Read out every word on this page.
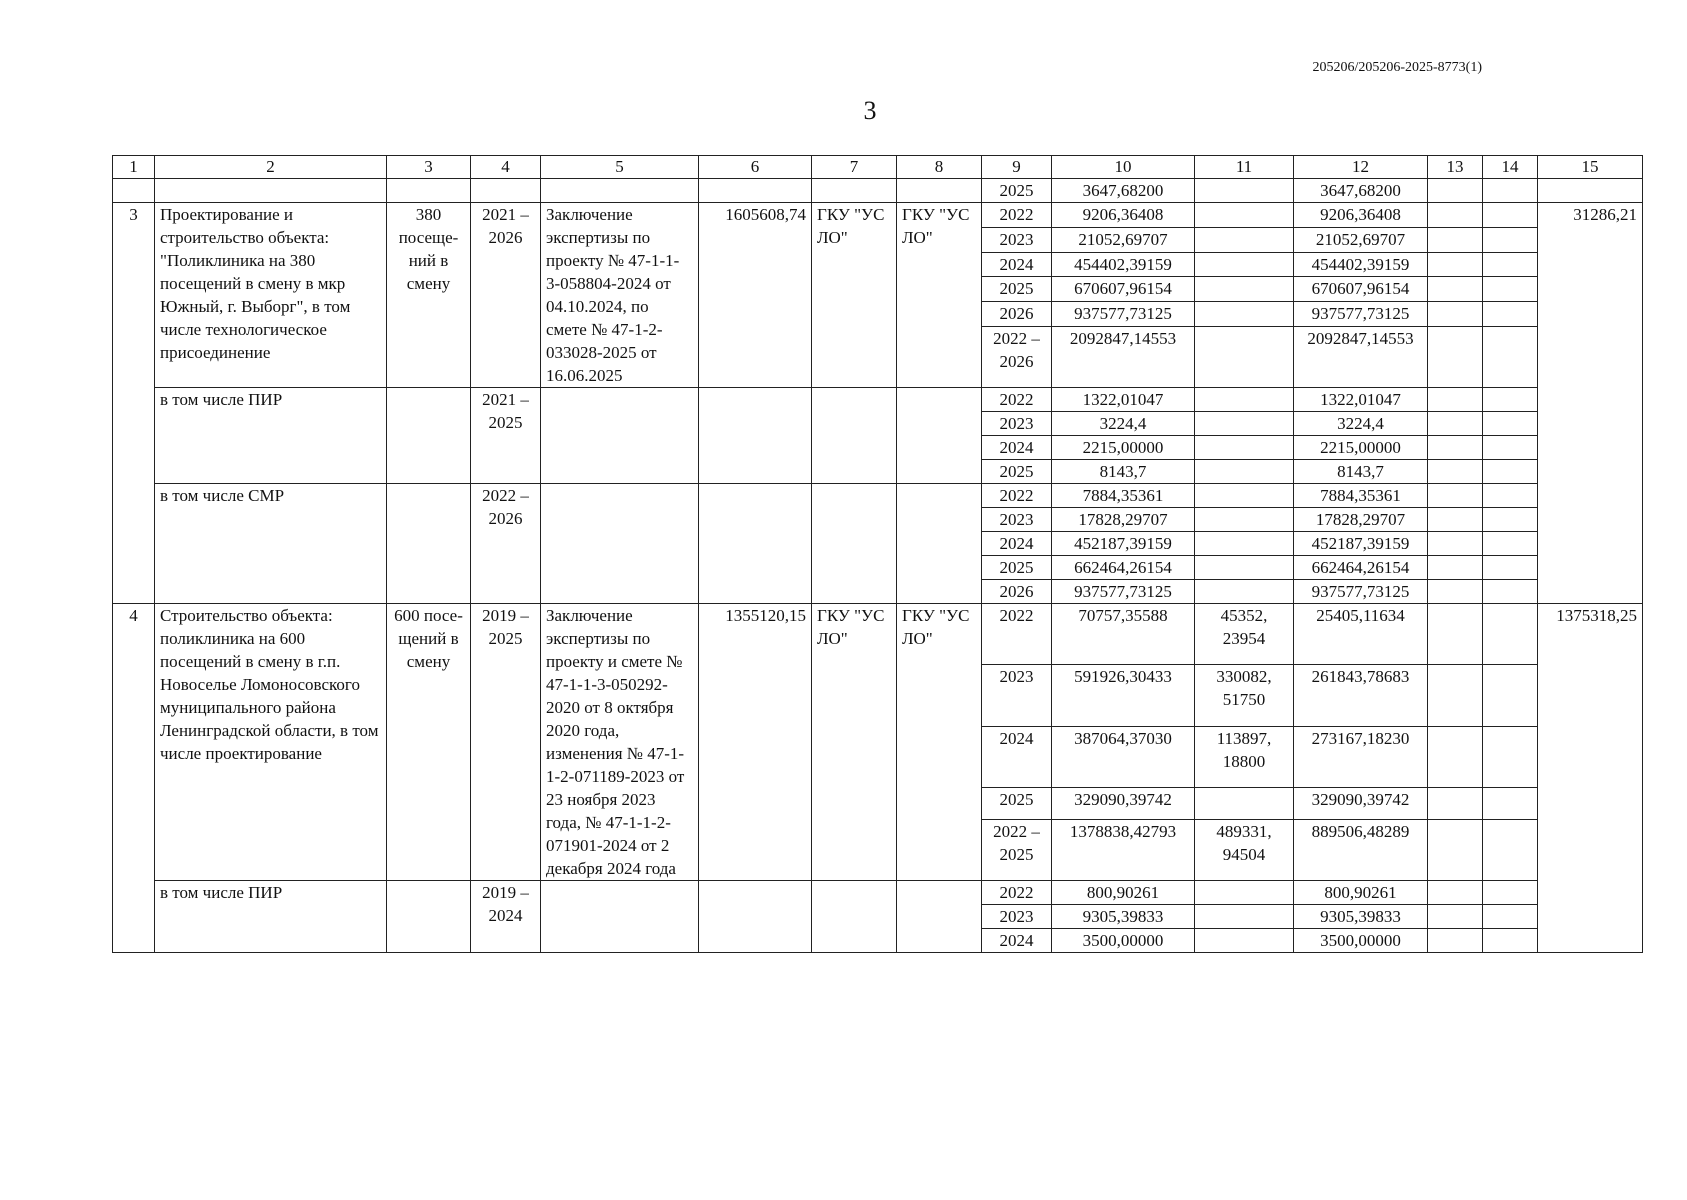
205206/205206-2025-8773(1)
3
1	2	3	4	5	6	7	8	9	10	11	12	13	14	15
								2025	3647,68200		3647,68200			
3	Проектирование и строительство объекта: "Поликлиника на 380 посещений в смену в мкр Южный, г. Выборг", в том числе технологическое присоединение	380 посеще- ний в смену	2021 – 2026	Заключение экспертизы по проекту № 47-1-1-3-058804-2024 от 04.10.2024, по смете № 47-1-2-033028-2025 от 16.06.2025	1605608,74	ГКУ "УС ЛО"	ГКУ "УС ЛО"	2022	9206,36408		9206,36408			31286,21
								2023	21052,69707		21052,69707			
								2024	454402,39159		454402,39159			
								2025	670607,96154		670607,96154			
								2026	937577,73125		937577,73125			
								2022 – 2026	2092847,14553		2092847,14553			
	в том числе ПИР		2021 – 2025					2022	1322,01047		1322,01047			
								2023	3224,4		3224,4			
								2024	2215,00000		2215,00000			
								2025	8143,7		8143,7			
	в том числе СМР		2022 – 2026					2022	7884,35361		7884,35361			
								2023	17828,29707		17828,29707			
								2024	452187,39159		452187,39159			
								2025	662464,26154		662464,26154			
								2026	937577,73125		937577,73125			
4	Строительство объекта: поликлиника на 600 посещений в смену в г.п. Новоселье Ломоносовского муниципального района Ленинградской области, в том числе проектирование	600 посе- щений в смену	2019 – 2025	Заключение экспертизы по проекту и смете № 47-1-1-3-050292-2020 от 8 октября 2020 года, изменения № 47-1-1-2-071189-2023 от 23 ноября 2023 года, № 47-1-1-2-071901-2024 от 2 декабря 2024 года	1355120,15	ГКУ "УС ЛО"	ГКУ "УС ЛО"	2022	70757,35588	45352, 23954	25405,11634			1375318,25
								2023	591926,30433	330082, 51750	261843,78683			
								2024	387064,37030	113897, 18800	273167,18230			
								2025	329090,39742		329090,39742			
								2022 – 2025	1378838,42793	489331, 94504	889506,48289			
	в том числе ПИР		2019 – 2024					2022	800,90261		800,90261			
								2023	9305,39833		9305,39833			
								2024	3500,00000		3500,00000			
